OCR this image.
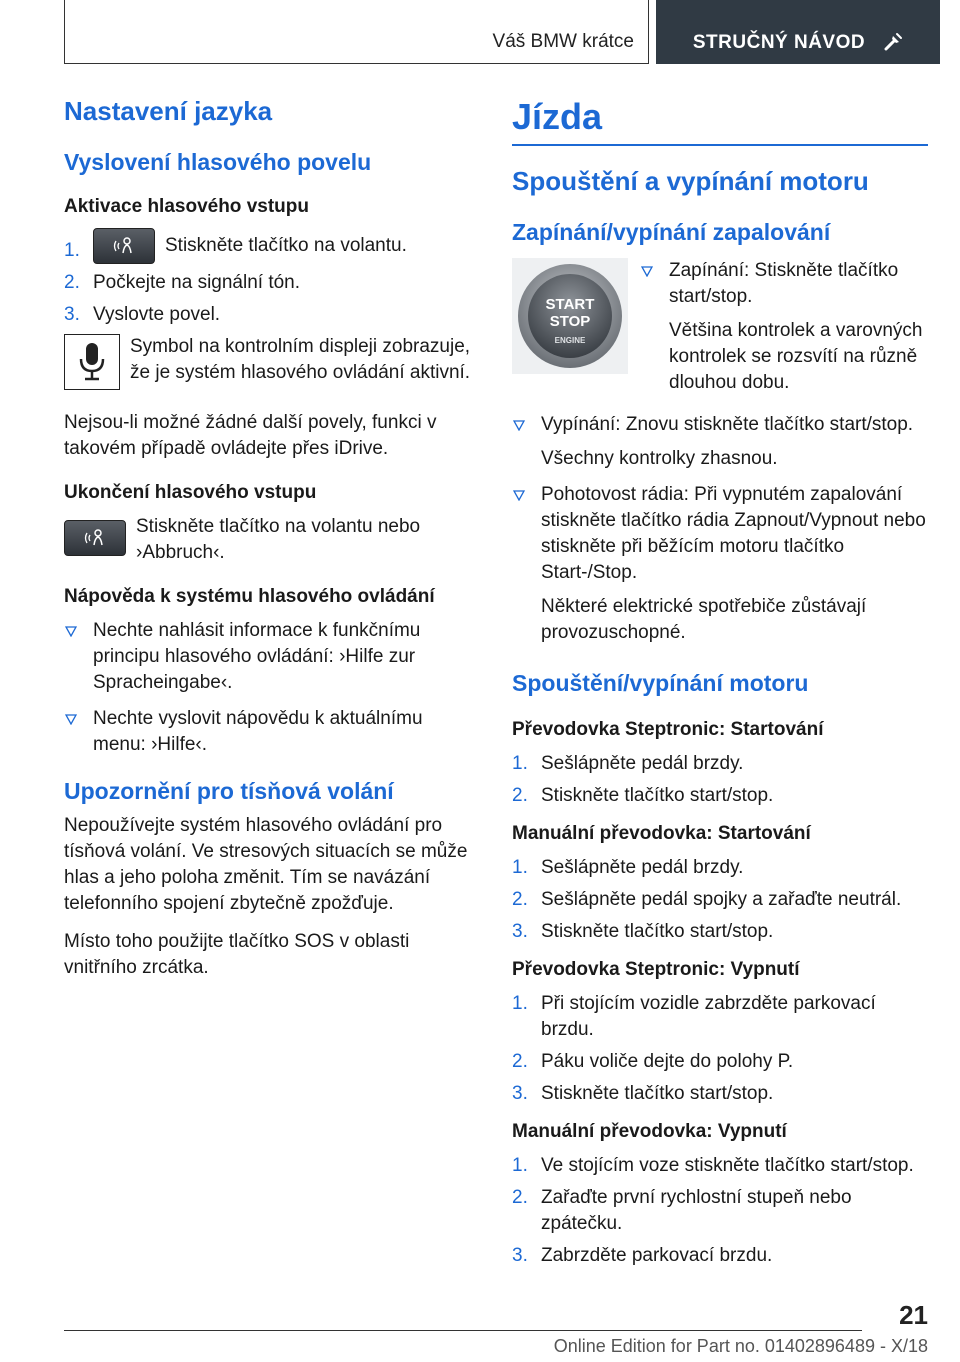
Váš BMW krátce	STRUČNÝ NÁVOD
Nastavení jazyka
Vyslovení hlasového povelu
Aktivace hlasového vstupu
1.	Stiskněte tlačítko na volantu.
2. Počkejte na signální tón.
3. Vyslovte povel.
Symbol na kontrolním displeji zobrazuje, že je systém hlasového ovládání aktivní.
Nejsou-li možné žádné další povely, funkci v takovém případě ovládejte přes iDrive.
Ukončení hlasového vstupu
Stiskněte tlačítko na volantu nebo ›Abbruch‹.
Nápověda k systému hlasového ovládání
Nechte nahlásit informace k funkčnímu principu hlasového ovládání: ›Hilfe zur Spracheingabe‹.
Nechte vyslovit nápovědu k aktuálnímu menu: ›Hilfe‹.
Upozornění pro tísňová volání
Nepoužívejte systém hlasového ovládání pro tísňová volání. Ve stresových situacích se může hlas a jeho poloha změnit. Tím se navázání telefonního spojení zbytečně zpožďuje.
Místo toho použijte tlačítko SOS v oblasti vnitřního zrcátka.
Jízda
Spouštění a vypínání motoru
Zapínání/vypínání zapalování
START
STOP
ENGINE
Zapínání: Stiskněte tlačítko start/stop.
Většina kontrolek a varovných kontrolek se rozsvítí na různě dlouhou dobu.
Vypínání: Znovu stiskněte tlačítko start/stop.
Všechny kontrolky zhasnou.
Pohotovost rádia: Při vypnutém zapalování stiskněte tlačítko rádia Zapnout/Vypnout nebo stiskněte při běžícím motoru tlačítko Start-/Stop.
Některé elektrické spotřebiče zůstávají provozuschopné.
Spouštění/vypínání motoru
Převodovka Steptronic: Startování
1. Sešlápněte pedál brzdy.
2. Stiskněte tlačítko start/stop.
Manuální převodovka: Startování
1. Sešlápněte pedál brzdy.
2. Sešlápněte pedál spojky a zařaďte neutrál.
3. Stiskněte tlačítko start/stop.
Převodovka Steptronic: Vypnutí
1. Při stojícím vozidle zabrzděte parkovací brzdu.
2. Páku voliče dejte do polohy P.
3. Stiskněte tlačítko start/stop.
Manuální převodovka: Vypnutí
1. Ve stojícím voze stiskněte tlačítko start/stop.
2. Zařaďte první rychlostní stupeň nebo zpátečku.
3. Zabrzděte parkovací brzdu.
21
Online Edition for Part no. 01402896489 - X/18
